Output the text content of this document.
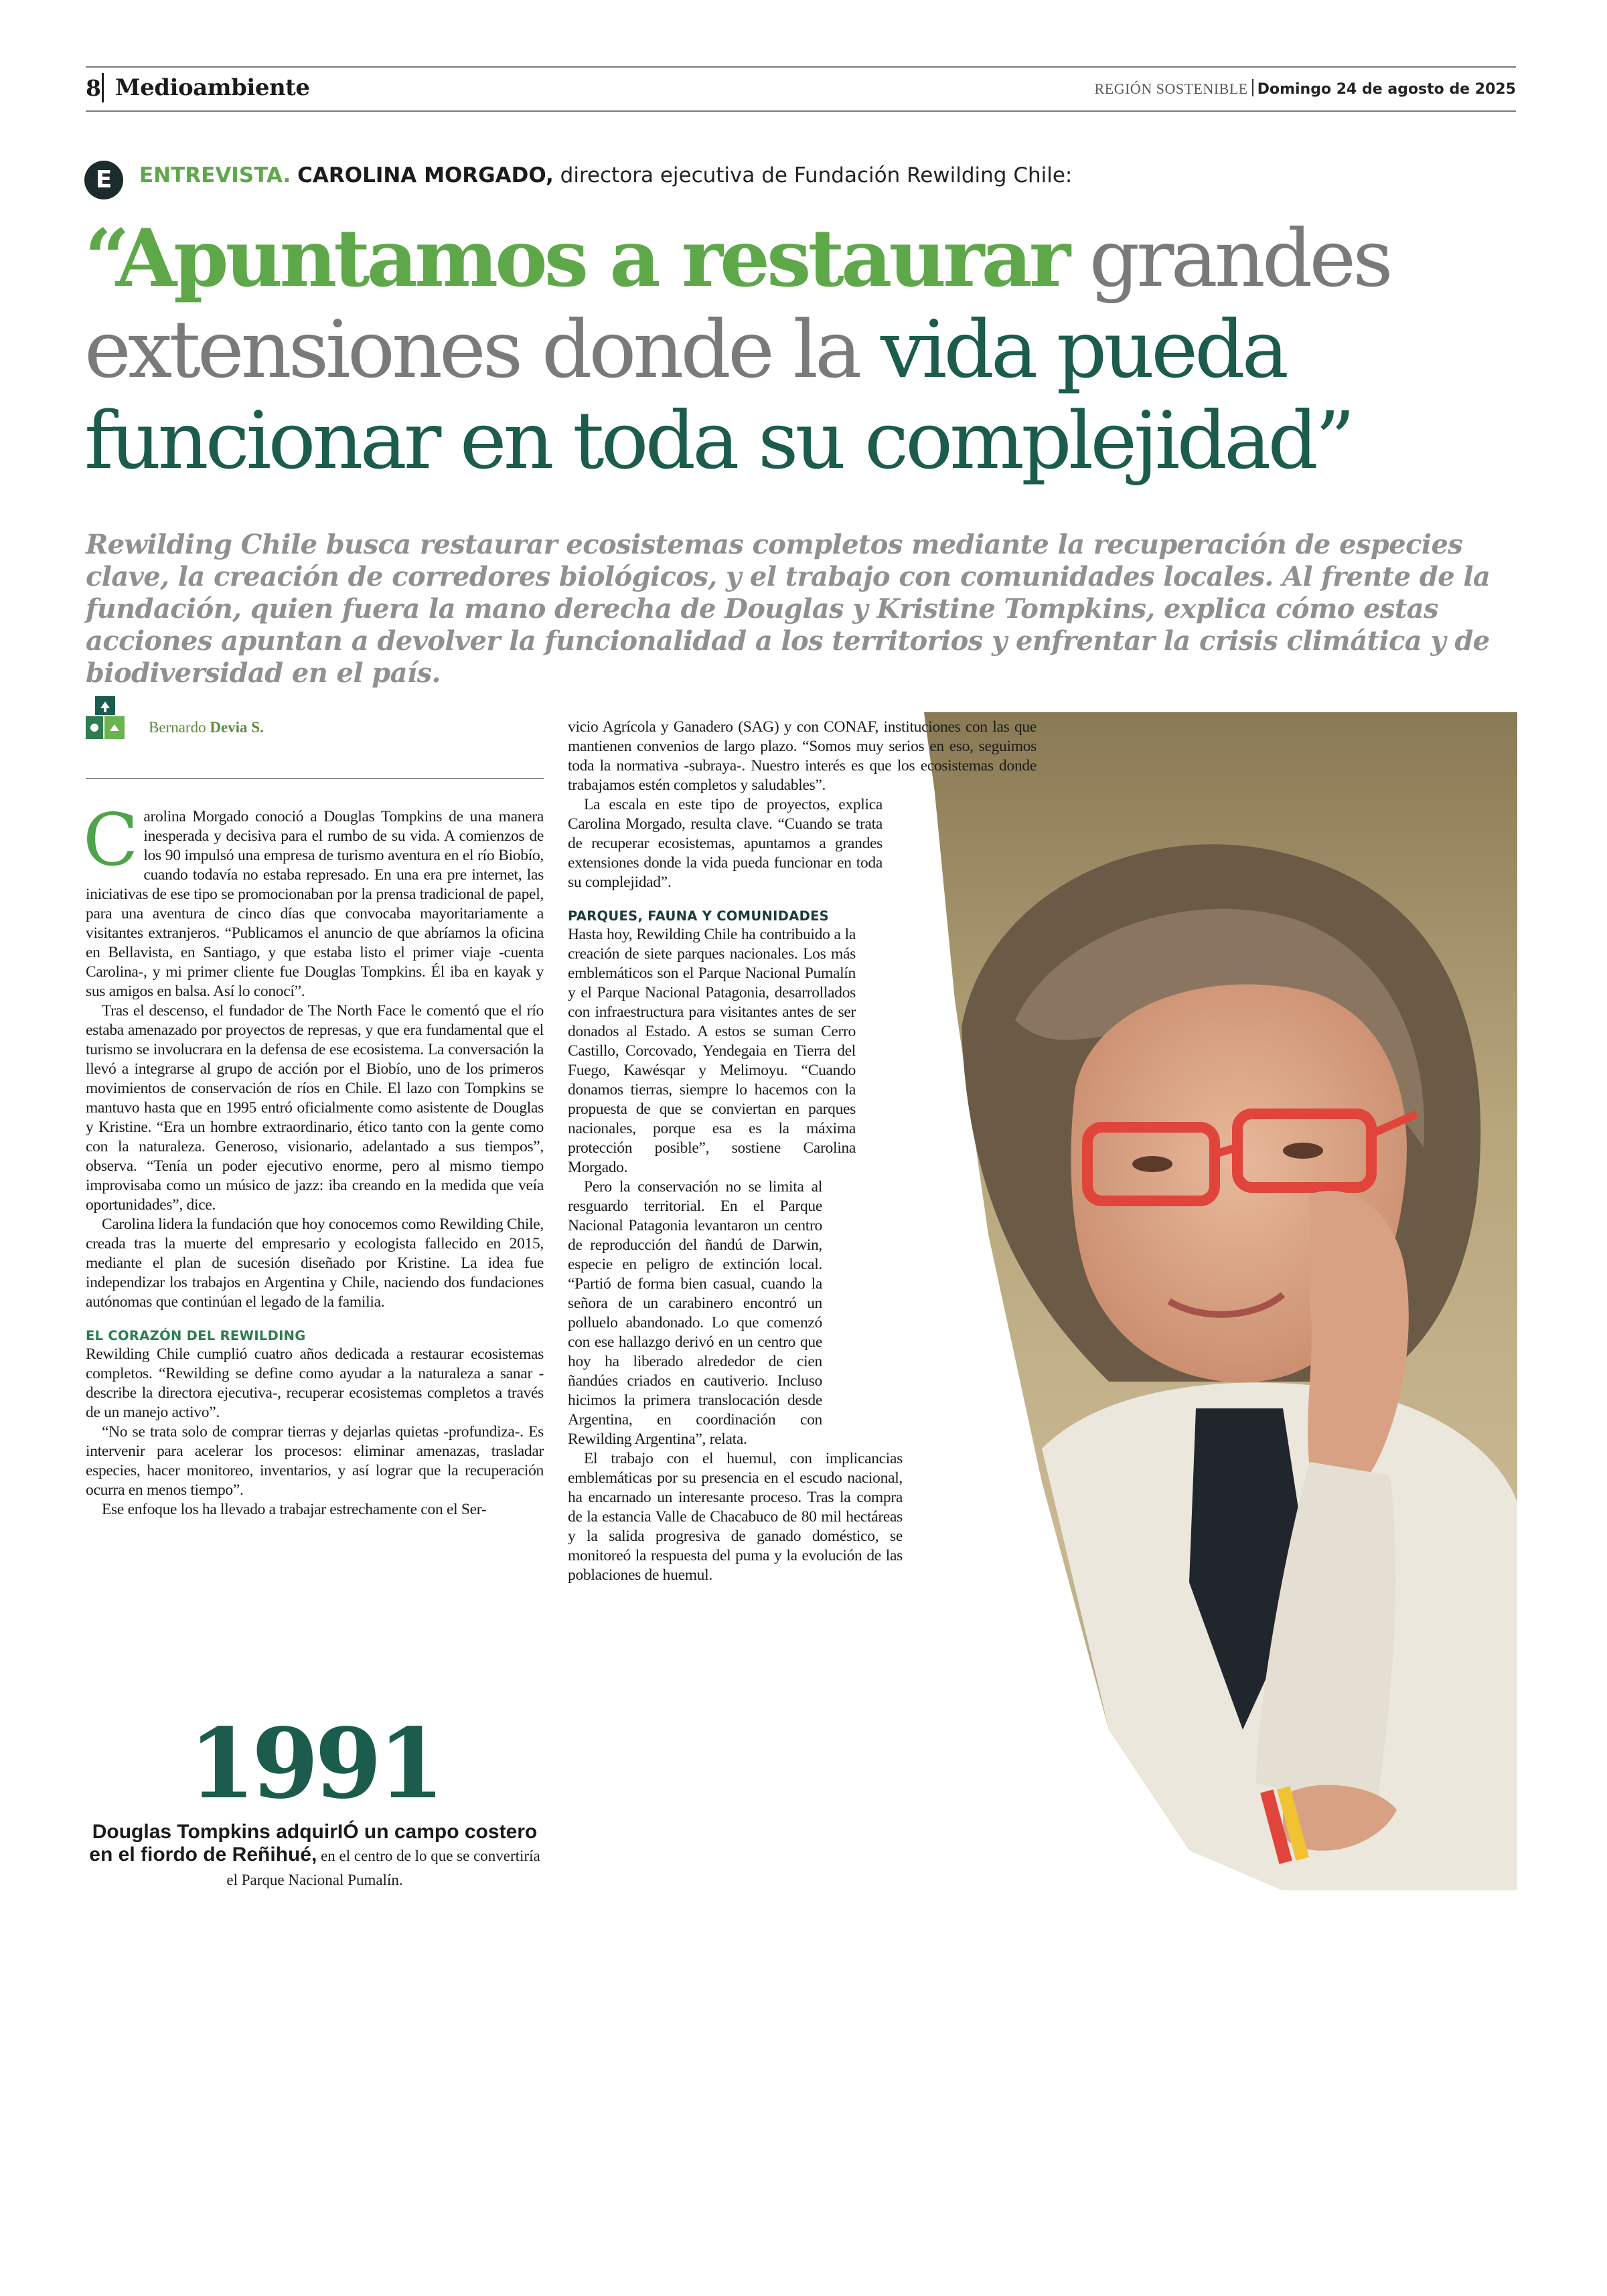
8 Medioambiente	REGIÓN SOSTENIBLE Domingo 24 de agosto de 2025
E	ENTREVISTA. CAROLINA MORGADO, directora ejecutiva de Fundación Rewilding Chile:
“Apuntamos a restaurar grandes extensiones donde la vida pueda funcionar en toda su complejidad”
Rewilding Chile busca restaurar ecosistemas completos mediante la recuperación de especies clave, la creación de corredores biológicos, y el trabajo con comunidades locales. Al frente de la fundación, quien fuera la mano derecha de Douglas y Kristine Tompkins, explica cómo estas acciones apuntan a devolver la funcionalidad a los territorios y enfrentar la crisis climática y de biodiversidad en el país.
Bernardo Devia S.

Carolina Morgado conoció a Douglas Tompkins de una manera inesperada y decisiva para el rumbo de su vida. A comienzos de los 90 impulsó una empresa de turismo aventura en el río Biobío, cuando todavía no estaba represado. En una era pre internet, las iniciativas de ese tipo se promocionaban por la prensa tradicional de papel, para una aventura de cinco días que convocaba mayoritariamente a visitantes extranjeros. “Publicamos el anuncio de que abríamos la oficina en Bellavista, en Santiago, y que estaba listo el primer viaje -cuenta Carolina-, y mi primer cliente fue Douglas Tompkins. Él iba en kayak y sus amigos en balsa. Así lo conocí”.

Tras el descenso, el fundador de The North Face le comentó que el río estaba amenazado por proyectos de represas, y que era fundamental que el turismo se involucrara en la defensa de ese ecosistema. La conversación la llevó a integrarse al grupo de acción por el Biobío, uno de los primeros movimientos de conservación de ríos en Chile. El lazo con Tompkins se mantuvo hasta que en 1995 entró oficialmente como asistente de Douglas y Kristine. “Era un hombre extraordinario, ético tanto con la gente como con la naturaleza. Generoso, visionario, adelantado a sus tiempos”, observa. “Tenía un poder ejecutivo enorme, pero al mismo tiempo improvisaba como un músico de jazz: iba creando en la medida que veía oportunidades”, dice.

Carolina lidera la fundación que hoy conocemos como Rewilding Chile, creada tras la muerte del empresario y ecologista fallecido en 2015, mediante el plan de sucesión diseñado por Kristine. La idea fue independizar los trabajos en Argentina y Chile, naciendo dos fundaciones autónomas que continúan el legado de la familia.

EL CORAZÓN DEL REWILDING

Rewilding Chile cumplió cuatro años dedicada a restaurar ecosistemas completos. “Rewilding se define como ayudar a la naturaleza a sanar -describe la directora ejecutiva-, recuperar ecosistemas completos a través de un manejo activo”.

“No se trata solo de comprar tierras y dejarlas quietas -profundiza-. Es intervenir para acelerar los procesos: eliminar amenazas, trasladar especies, hacer monitoreo, inventarios, y así lograr que la recuperación ocurra en menos tiempo”.

Ese enfoque los ha llevado a trabajar estrechamente con el Ser-

vicio Agrícola y Ganadero (SAG) y con CONAF, instituciones con las que mantienen convenios de largo plazo. “Somos muy serios en eso, seguimos toda la normativa -subraya-. Nuestro interés es que los ecosistemas donde trabajamos estén completos y saludables”.

La escala en este tipo de proyectos, explica Carolina Morgado, resulta clave. “Cuando se trata de recuperar ecosistemas, apuntamos a grandes extensiones donde la vida pueda funcionar en toda su complejidad”.

PARQUES, FAUNA Y COMUNIDADES

Hasta hoy, Rewilding Chile ha contribuido a la creación de siete parques nacionales. Los más emblemáticos son el Parque Nacional Pumalín y el Parque Nacional Patagonia, desarrollados con infraestructura para visitantes antes de ser donados al Estado. A estos se suman Cerro Castillo, Corcovado, Yendegaia en Tierra del Fuego, Kawésqar y Melimoyu. “Cuando donamos tierras, siempre lo hacemos con la propuesta de que se conviertan en parques nacionales, porque esa es la máxima protección posible”, sostiene Carolina Morgado.

Pero la conservación no se limita al resguardo territorial. En el Parque Nacional Patagonia levantaron un centro de reproducción del ñandú de Darwin, especie en peligro de extinción local. “Partió de forma bien casual, cuando la señora de un carabinero encontró un polluelo abandonado. Lo que comenzó con ese hallazgo derivó en un centro que hoy ha liberado alrededor de cien ñandúes criados en cautiverio. Incluso hicimos la primera translocación desde Argentina, en coordinación con Rewilding Argentina”, relata.

El trabajo con el huemul, con implicancias emblemáticas por su presencia en el escudo nacional, ha encarnado un interesante proceso. Tras la compra de la estancia Valle de Chacabuco de 80 mil hectáreas y la salida progresiva de ganado doméstico, se monitoreó la respuesta del puma y la evolución de las poblaciones de huemul.

1991
Douglas Tompkins adquirIÓ un campo costero en el fiordo de Reñihué, en el centro de lo que se convertiría el Parque Nacional Pumalín.
